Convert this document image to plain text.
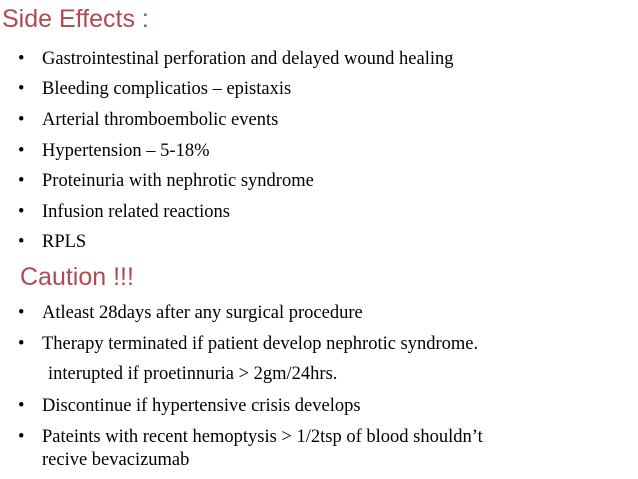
Side Effects :
• Gastrointestinal perforation and delayed wound healing
• Bleeding complicatios – epistaxis
• Arterial thromboembolic events
• Hypertension – 5-18%
• Proteinuria with nephrotic syndrome
• Infusion related reactions
• RPLS
Caution !!!
• Atleast 28days after any surgical procedure
• Therapy terminated if patient develop nephrotic syndrome.
interupted if proetinnuria > 2gm/24hrs.
• Discontinue if hypertensive crisis develops
• Pateints with recent hemoptysis > 1/2tsp of blood shouldn’t
recive bevacizumab
